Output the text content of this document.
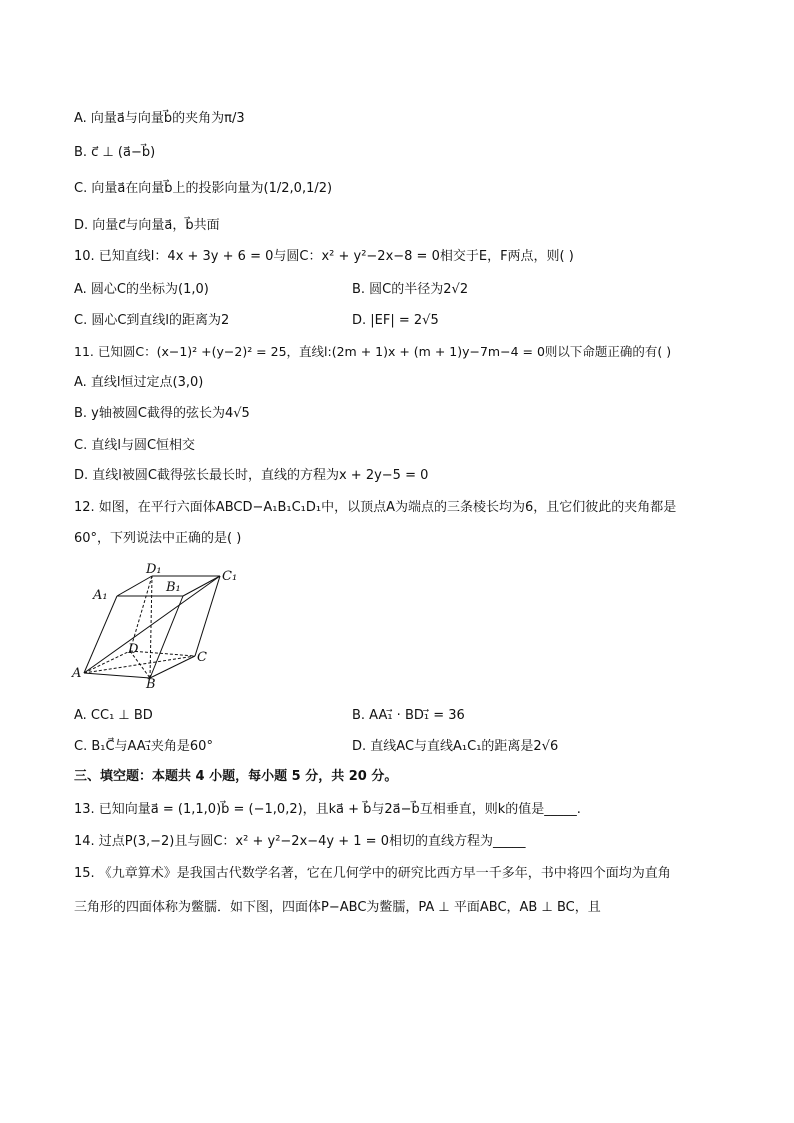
A. 向量a⃗与向量b⃗的夹角为π/3
B. c⃗ ⊥ (a⃗−b⃗)
C. 向量a⃗在向量b⃗上的投影向量为(1/2,0,1/2)
D. 向量c⃗与向量a⃗，b⃗共面
10. 已知直线l：4x + 3y + 6 = 0与圆C：x² + y²−2x−8 = 0相交于E，F两点，则( )
A. 圆心C的坐标为(1,0)	B. 圆C的半径为2√2
C. 圆心C到直线l的距离为2	D. |EF| = 2√5
11. 已知圆C：(x−1)² +(y−2)² = 25，直线l:(2m + 1)x + (m + 1)y−7m−4 = 0则以下命题正确的有( )
A. 直线l恒过定点(3,0)
B. y轴被圆C截得的弦长为4√5
C. 直线l与圆C恒相交
D. 直线l被圆C截得弦长最长时，直线的方程为x + 2y−5 = 0
12. 如图，在平行六面体ABCD−A₁B₁C₁D₁中，以顶点A为端点的三条棱长均为6，且它们彼此的夹角都是
60°，下列说法中正确的是( )
D₁
B₁
C₁
A₁
D
C
A
B
A. CC₁ ⊥ BD	B. AA₁⃗ · BD₁⃗ = 36
C. B₁C⃗与AA₁⃗夹角是60°	D. 直线AC与直线A₁C₁的距离是2√6
三、填空题：本题共 4 小题，每小题 5 分，共 20 分。
13. 已知向量a⃗ = (1,1,0)b⃗ = (−1,0,2)，且ka⃗ + b⃗与2a⃗−b⃗互相垂直，则k的值是_____.
14. 过点P(3,−2)且与圆C：x² + y²−2x−4y + 1 = 0相切的直线方程为_____
15. 《九章算术》是我国古代数学名著，它在几何学中的研究比西方早一千多年，书中将四个面均为直角
三角形的四面体称为鳖臑．如下图，四面体P−ABC为鳖臑，PA ⊥ 平面ABC，AB ⊥ BC，且
